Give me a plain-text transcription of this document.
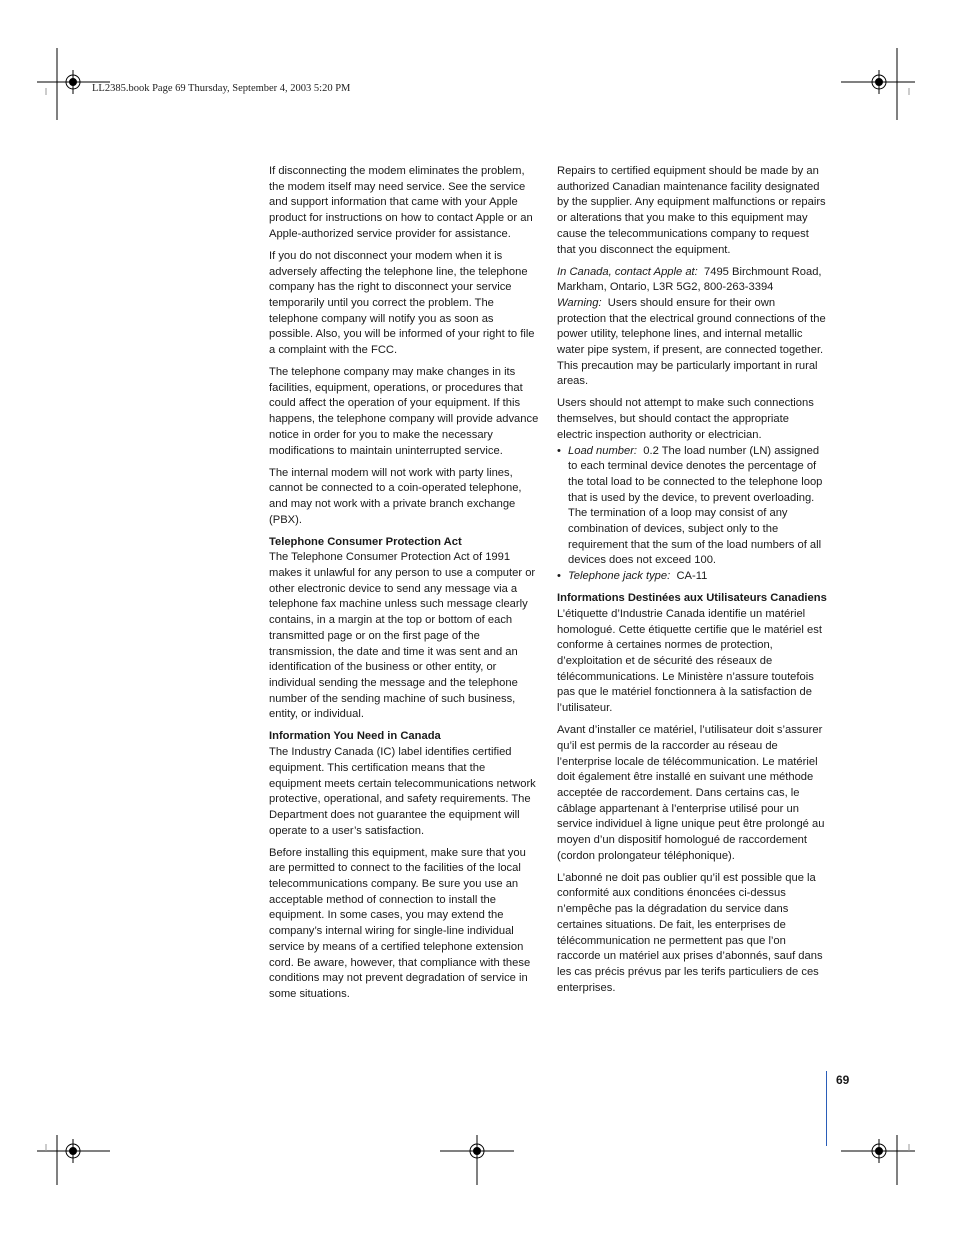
LL2385.book Page 69 Thursday, September 4, 2003 5:20 PM

If disconnecting the modem eliminates the problem, the modem itself may need service. See the service and support information that came with your Apple product for instructions on how to contact Apple or an Apple-authorized service provider for assistance.

If you do not disconnect your modem when it is adversely affecting the telephone line, the telephone company has the right to disconnect your service temporarily until you correct the problem. The telephone company will notify you as soon as possible. Also, you will be informed of your right to file a complaint with the FCC.

The telephone company may make changes in its facilities, equipment, operations, or procedures that could affect the operation of your equipment. If this happens, the telephone company will provide advance notice in order for you to make the necessary modifications to maintain uninterrupted service.

The internal modem will not work with party lines, cannot be connected to a coin-operated telephone, and may not work with a private branch exchange (PBX).

Telephone Consumer Protection Act

The Telephone Consumer Protection Act of 1991 makes it unlawful for any person to use a computer or other electronic device to send any message via a telephone fax machine unless such message clearly contains, in a margin at the top or bottom of each transmitted page or on the first page of the transmission, the date and time it was sent and an identification of the business or other entity, or individual sending the message and the telephone number of the sending machine of such business, entity, or individual.

Information You Need in Canada

The Industry Canada (IC) label identifies certified equipment. This certification means that the equipment meets certain telecommunications network protective, operational, and safety requirements. The Department does not guarantee the equipment will operate to a user’s satisfaction.

Before installing this equipment, make sure that you are permitted to connect to the facilities of the local telecommunications company. Be sure you use an acceptable method of connection to install the equipment. In some cases, you may extend the company’s internal wiring for single-line individual service by means of a certified telephone extension cord. Be aware, however, that compliance with these conditions may not prevent degradation of service in some situations.

Repairs to certified equipment should be made by an authorized Canadian maintenance facility designated by the supplier. Any equipment malfunctions or repairs or alterations that you make to this equipment may cause the telecommunications company to request that you disconnect the equipment.

In Canada, contact Apple at: 7495 Birchmount Road, Markham, Ontario, L3R 5G2, 800-263-3394

Warning: Users should ensure for their own protection that the electrical ground connections of the power utility, telephone lines, and internal metallic water pipe system, if present, are connected together. This precaution may be particularly important in rural areas.

Users should not attempt to make such connections themselves, but should contact the appropriate electric inspection authority or electrician.

• Load number: 0.2 The load number (LN) assigned to each terminal device denotes the percentage of the total load to be connected to the telephone loop that is used by the device, to prevent overloading. The termination of a loop may consist of any combination of devices, subject only to the requirement that the sum of the load numbers of all devices does not exceed 100.
• Telephone jack type: CA-11

Informations Destinées aux Utilisateurs Canadiens

L’étiquette d’Industrie Canada identifie un matériel homologué. Cette étiquette certifie que le matériel est conforme à certaines normes de protection, d’exploitation et de sécurité des réseaux de télécommunications. Le Ministère n’assure toutefois pas que le matériel fonctionnera à la satisfaction de l’utilisateur.

Avant d’installer ce matériel, l’utilisateur doit s’assurer qu’il est permis de la raccorder au réseau de l’enterprise locale de télécommunication. Le matériel doit également être installé en suivant une méthode acceptée de raccordement. Dans certains cas, le câblage appartenant à l’enterprise utilisé pour un service individuel à ligne unique peut être prolongé au moyen d’un dispositif homologué de raccordement (cordon prolongateur téléphonique).

L’abonné ne doit pas oublier qu’il est possible que la conformité aux conditions énoncées ci-dessus n’empêche pas la dégradation du service dans certaines situations. De fait, les enterprises de télécommunication ne permettent pas que l’on raccorde un matériel aux prises d’abonnés, sauf dans les cas précis prévus par les terifs particuliers de ces enterprises.

69
